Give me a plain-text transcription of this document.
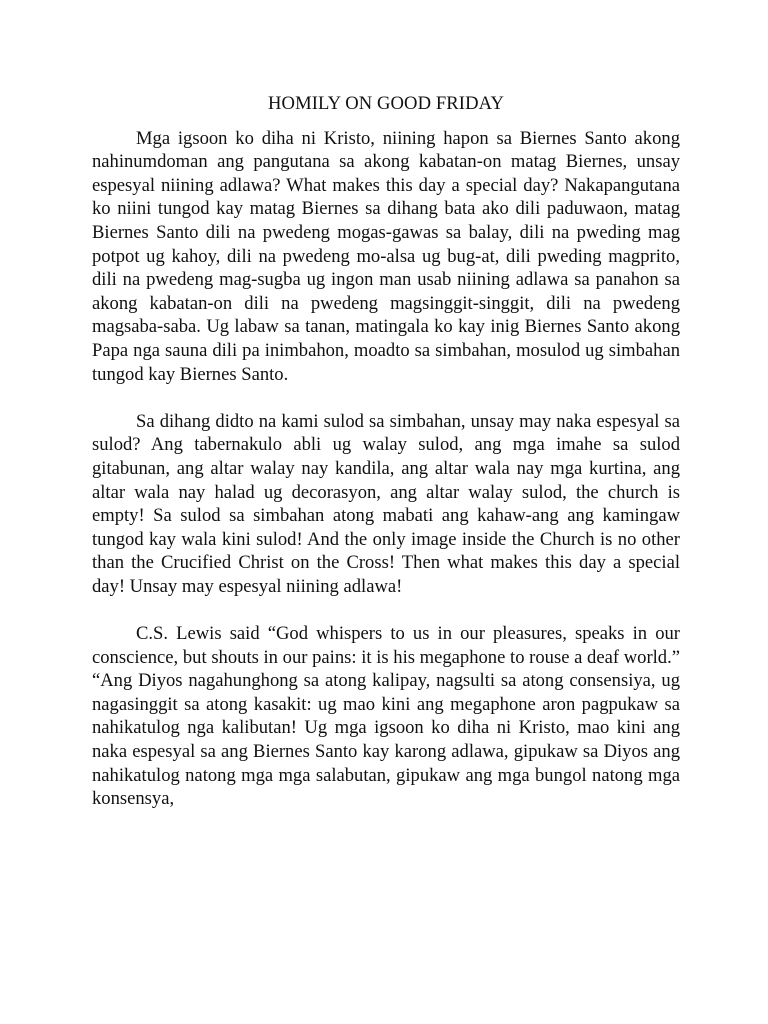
HOMILY ON GOOD FRIDAY

Mga igsoon ko diha ni Kristo, niining hapon sa Biernes Santo akong nahinumdoman ang pangutana sa akong kabatan-on matag Biernes, unsay espesyal niining adlawa? What makes this day a special day? Nakapangutana ko niini tungod kay matag Biernes sa dihang bata ako dili paduwaon, matag Biernes Santo dili na pwedeng mogas-gawas sa balay, dili na pweding mag potpot ug kahoy, dili na pwedeng mo-alsa ug bug-at, dili pweding magprito, dili na pwedeng mag-sugba ug ingon man usab niining adlawa sa panahon sa akong kabatan-on dili na pwedeng magsinggit-singgit, dili na pwedeng magsaba-saba. Ug labaw sa tanan, matingala ko kay inig Biernes Santo akong Papa nga sauna dili pa inimbahon, moadto sa simbahan, mosulod ug simbahan tungod kay Biernes Santo.

Sa dihang didto na kami sulod sa simbahan, unsay may naka espesyal sa sulod? Ang tabernakulo abli ug walay sulod, ang mga imahe sa sulod gitabunan, ang altar walay nay kandila, ang altar wala nay mga kurtina, ang altar wala nay halad ug decorasyon, ang altar walay sulod, the church is empty! Sa sulod sa simbahan atong mabati ang kahaw-ang ang kamingaw tungod kay wala kini sulod! And the only image inside the Church is no other than the Crucified Christ on the Cross! Then what makes this day a special day! Unsay may espesyal niining adlawa!

C.S. Lewis said “God whispers to us in our pleasures, speaks in our conscience, but shouts in our pains: it is his megaphone to rouse a deaf world.” “Ang Diyos nagahunghong sa atong kalipay, nagsulti sa atong consensiya, ug nagasinggit sa atong kasakit: ug mao kini ang megaphone aron pagpukaw sa nahikatulog nga kalibutan! Ug mga igsoon ko diha ni Kristo, mao kini ang naka espesyal sa ang Biernes Santo kay karong adlawa, gipukaw sa Diyos ang nahikatulog natong mga mga salabutan, gipukaw ang mga bungol natong mga konsensya,
